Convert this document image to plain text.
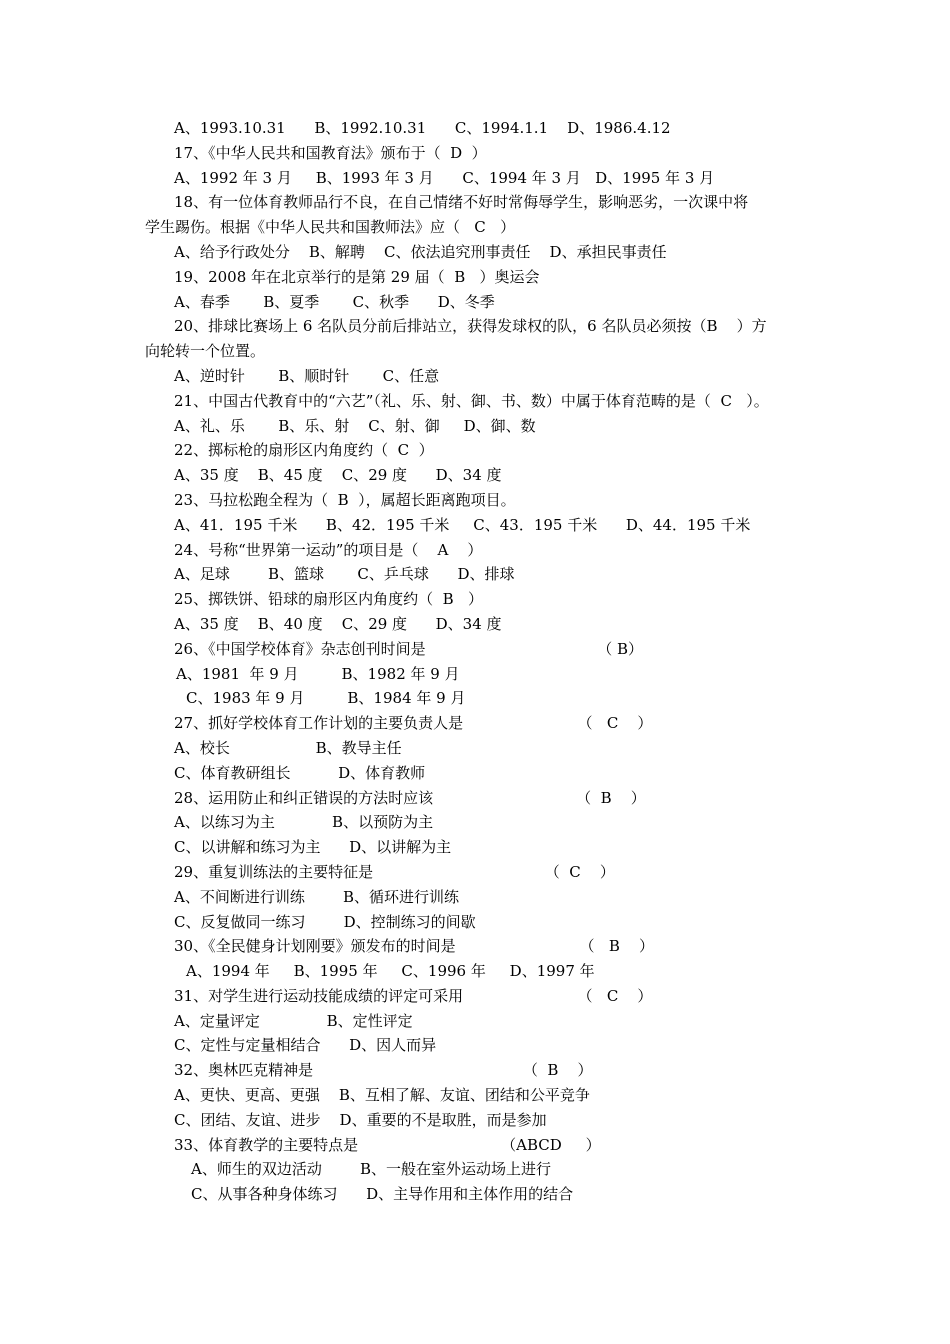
A、1993.10.31      B、1992.10.31      C、1994.1.1    D、1986.4.12
17、《中华人民共和国教育法》颁布于（  D  ）
A、1992 年 3 月     B、1993 年 3 月      C、1994 年 3 月   D、1995 年 3 月
18、有一位体育教师品行不良，在自己情绪不好时常侮辱学生，影响恶劣，一次课中将
学生踢伤。根据《中华人民共和国教师法》应（   C   ）
A、给予行政处分    B、解聘    C、依法追究刑事责任    D、承担民事责任
19、2008 年在北京举行的是第 29 届（  B   ）奥运会
A、春季       B、夏季       C、秋季      D、冬季
20、排球比赛场上 6 名队员分前后排站立，获得发球权的队，6 名队员必须按（B    ）方
向轮转一个位置。
A、逆时针       B、顺时针       C、任意
21、中国古代教育中的“六艺”（礼、乐、射、御、书、数）中属于体育范畴的是（  C   ）。
A、礼、乐       B、乐、射    C、射、御     D、御、数
22、掷标枪的扇形区内角度约（  C  ）
A、35 度    B、45 度    C、29 度      D、34 度
23、马拉松跑全程为（  B  ），属超长距离跑项目。
A、41．195 千米      B、42．195 千米     C、43．195 千米      D、44．195 千米
24、号称“世界第一运动”的项目是（    A    ）
A、足球        B、篮球       C、乒乓球      D、排球
25、掷铁饼、铅球的扇形区内角度约（  B   ）
A、35 度    B、40 度    C、29 度      D、34 度
26、《中国学校体育》杂志创刊时间是                                    （ B）
A、1981  年 9 月         B、1982 年 9 月
C、1983 年 9 月         B、1984 年 9 月
27、抓好学校体育工作计划的主要负责人是                        （   C    ）
A、校长                  B、教导主任
C、体育教研组长          D、体育教师
28、运用防止和纠正错误的方法时应该                              （  B    ）
A、以练习为主            B、以预防为主
C、以讲解和练习为主      D、以讲解为主
29、重复训练法的主要特征是                                    （  C    ）
A、不间断进行训练        B、循环进行训练
C、反复做同一练习        D、控制练习的间歇
30、《全民健身计划刚要》颁发布的时间是                          （   B    ）
A、1994 年     B、1995 年     C、1996 年     D、1997 年
31、对学生进行运动技能成绩的评定可采用                        （   C    ）
A、定量评定              B、定性评定
C、定性与定量相结合      D、因人而异
32、奥林匹克精神是                                            （  B    ）
A、更快、更高、更强    B、互相了解、友谊、团结和公平竞争
C、团结、友谊、进步    D、重要的不是取胜，而是参加
33、体育教学的主要特点是                              （ABCD     ）
A、师生的双边活动        B、一般在室外运动场上进行
C、从事各种身体练习      D、主导作用和主体作用的结合
